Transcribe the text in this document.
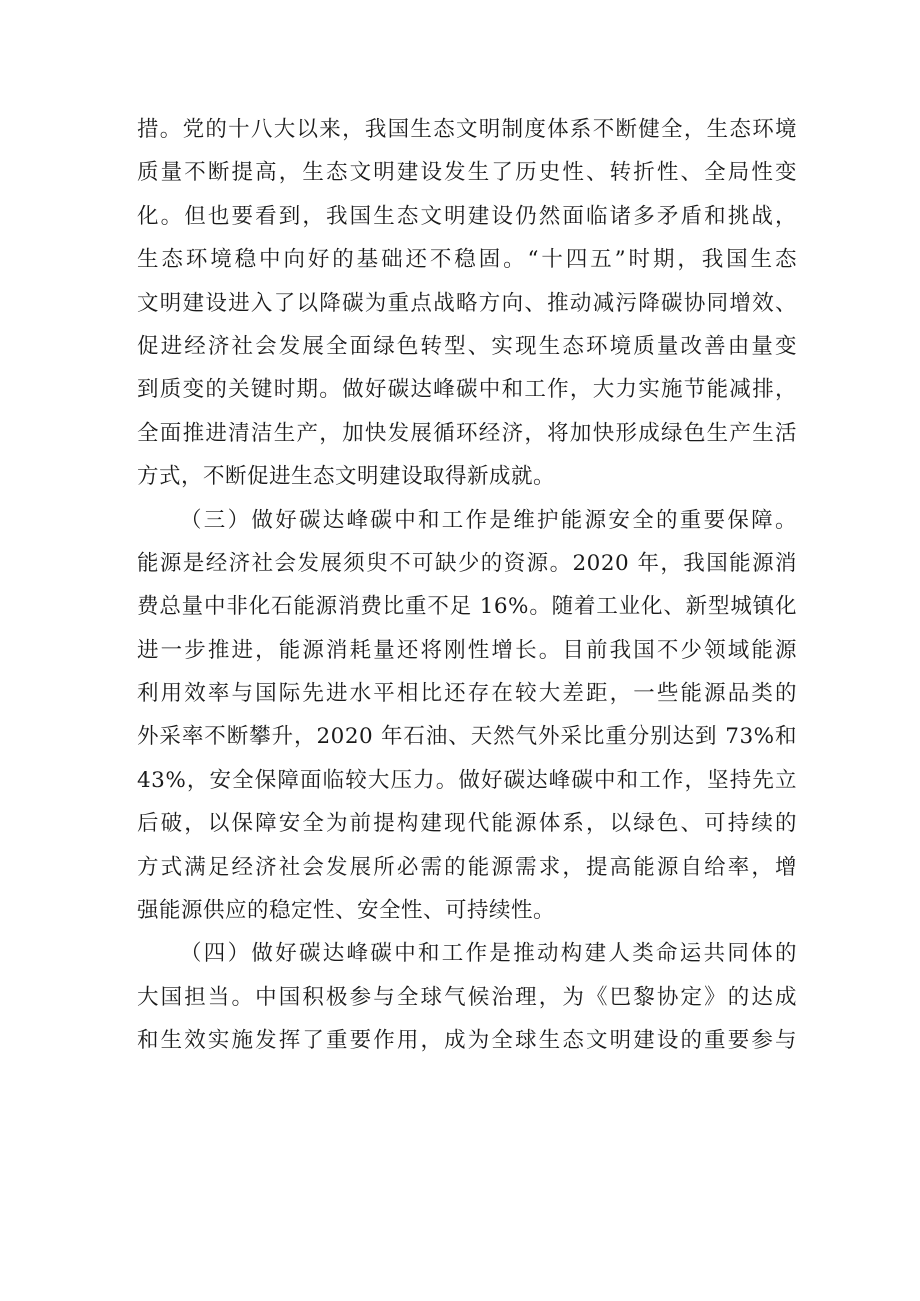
措。党的十八大以来，我国生态文明制度体系不断健全，生态环境
质量不断提高，生态文明建设发生了历史性、转折性、全局性变
化。但也要看到，我国生态文明建设仍然面临诸多矛盾和挑战，
生态环境稳中向好的基础还不稳固。“十四五”时期，我国生态
文明建设进入了以降碳为重点战略方向、推动减污降碳协同增效、
促进经济社会发展全面绿色转型、实现生态环境质量改善由量变
到质变的关键时期。做好碳达峰碳中和工作，大力实施节能减排，
全面推进清洁生产，加快发展循环经济，将加快形成绿色生产生活
方式，不断促进生态文明建设取得新成就。
（三）做好碳达峰碳中和工作是维护能源安全的重要保障。
能源是经济社会发展须臾不可缺少的资源。2020 年，我国能源消
费总量中非化石能源消费比重不足 16%。随着工业化、新型城镇化
进一步推进，能源消耗量还将刚性增长。目前我国不少领域能源
利用效率与国际先进水平相比还存在较大差距，一些能源品类的
外采率不断攀升，2020 年石油、天然气外采比重分别达到 73%和
43%，安全保障面临较大压力。做好碳达峰碳中和工作，坚持先立
后破，以保障安全为前提构建现代能源体系，以绿色、可持续的
方式满足经济社会发展所必需的能源需求，提高能源自给率，增
强能源供应的稳定性、安全性、可持续性。
（四）做好碳达峰碳中和工作是推动构建人类命运共同体的
大国担当。中国积极参与全球气候治理，为《巴黎协定》的达成
和生效实施发挥了重要作用，成为全球生态文明建设的重要参与
